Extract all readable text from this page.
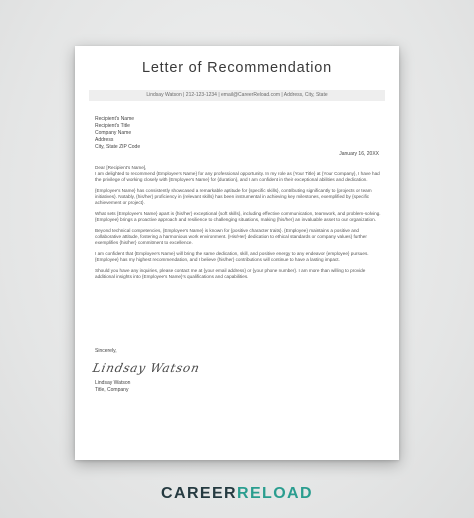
Letter of Recommendation
Lindsay Watson | 212-123-1234 | email@CareerReload.com | Address, City, State
Recipient's Name
Recipient's Title
Company Name
Address
City, State ZIP Code
January 16, 20XX

Dear [Recipient's Name],

I am delighted to recommend {Employee's Name} for any professional opportunity. In my role as {Your Title} at {Your Company}, I have had the privilege of working closely with {Employee's Name} for {duration}, and I am confident in their exceptional abilities and dedication.

{Employee's Name} has consistently showcased a remarkable aptitude for {specific skills}, contributing significantly to {projects or team initiatives}. Notably, {his/her} proficiency in {relevant skills} has been instrumental in achieving key milestones, exemplified by {specific achievement or project}.

What sets {Employee's Name} apart is {his/her} exceptional {soft skills}, including effective communication, teamwork, and problem-solving. {Employee} brings a proactive approach and resilience to challenging situations, making {his/her} an invaluable asset to our organization.

Beyond technical competencies, {Employee's Name} is known for {positive character traits}. {Employee} maintains a positive and collaborative attitude, fostering a harmonious work environment. {His/Her} dedication to ethical standards or company values} further exemplifies {his/her} commitment to excellence.

I am confident that {Employee's Name} will bring the same dedication, skill, and positive energy to any endeavor {employee} pursues. {Employee} has my highest recommendation, and I believe {his/her} contributions will continue to have a lasting impact.

Should you have any inquiries, please contact me at {your email address} or {your phone number}. I am more than willing to provide additional insights into {Employee's Name}'s qualifications and capabilities.

Sincerely,
Lindsay Watson
Lindsay Watson
Title, Company
CAREERRELOAD
